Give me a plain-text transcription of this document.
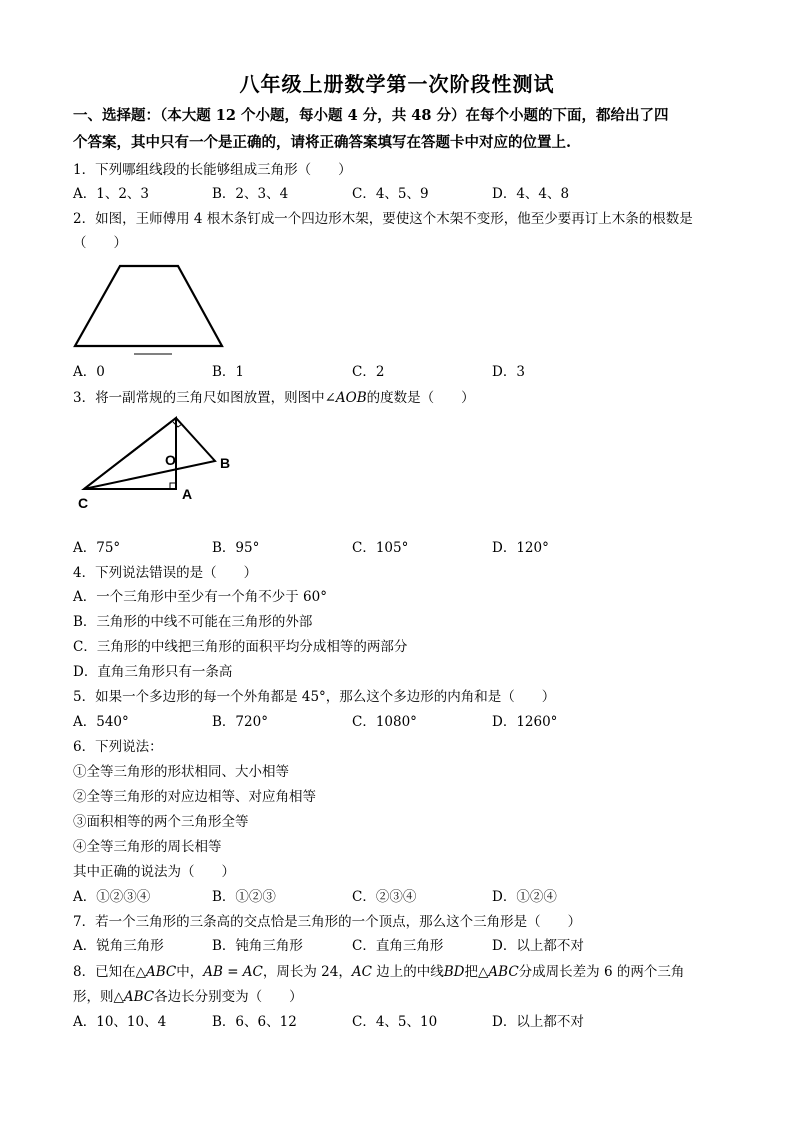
八年级上册数学第一次阶段性测试
一、选择题：（本大题 12 个小题，每小题 4 分，共 48 分）在每个小题的下面，都给出了四
个答案，其中只有一个是正确的，请将正确答案填写在答题卡中对应的位置上.
1．下列哪组线段的长能够组成三角形（　　）
A．1、2、3	B．2、3、4	C．4、5、9	D．4、4、8
2．如图，王师傅用 4 根木条钉成一个四边形木架，要使这个木架不变形，他至少要再订上木条的根数是
（　　）
A．0	B．1	C．2	D．3
3．将一副常规的三角尺如图放置，则图中∠AOB的度数是（　　）
O	B
C
A
A．75°	B．95°	C．105°	D．120°
4．下列说法错误的是（　　）
A．一个三角形中至少有一个角不少于 60°
B．三角形的中线不可能在三角形的外部
C．三角形的中线把三角形的面积平均分成相等的两部分
D．直角三角形只有一条高
5．如果一个多边形的每一个外角都是 45°，那么这个多边形的内角和是（　　）
A．540°	B．720°	C．1080°	D．1260°
6．下列说法：
①全等三角形的形状相同、大小相等
②全等三角形的对应边相等、对应角相等
③面积相等的两个三角形全等
④全等三角形的周长相等
其中正确的说法为（　　）
A．①②③④	B．①②③	C．②③④	D．①②④
7．若一个三角形的三条高的交点恰是三角形的一个顶点，那么这个三角形是（　　）
A．锐角三角形	B．钝角三角形	C．直角三角形	D．以上都不对
8．已知在△ABC中，AB = AC，周长为 24，AC 边上的中线BD把△ABC分成周长差为 6 的两个三角
形，则△ABC各边长分别变为（　　）
A．10、10、4	B．6、6、12	C．4、5、10	D．以上都不对
